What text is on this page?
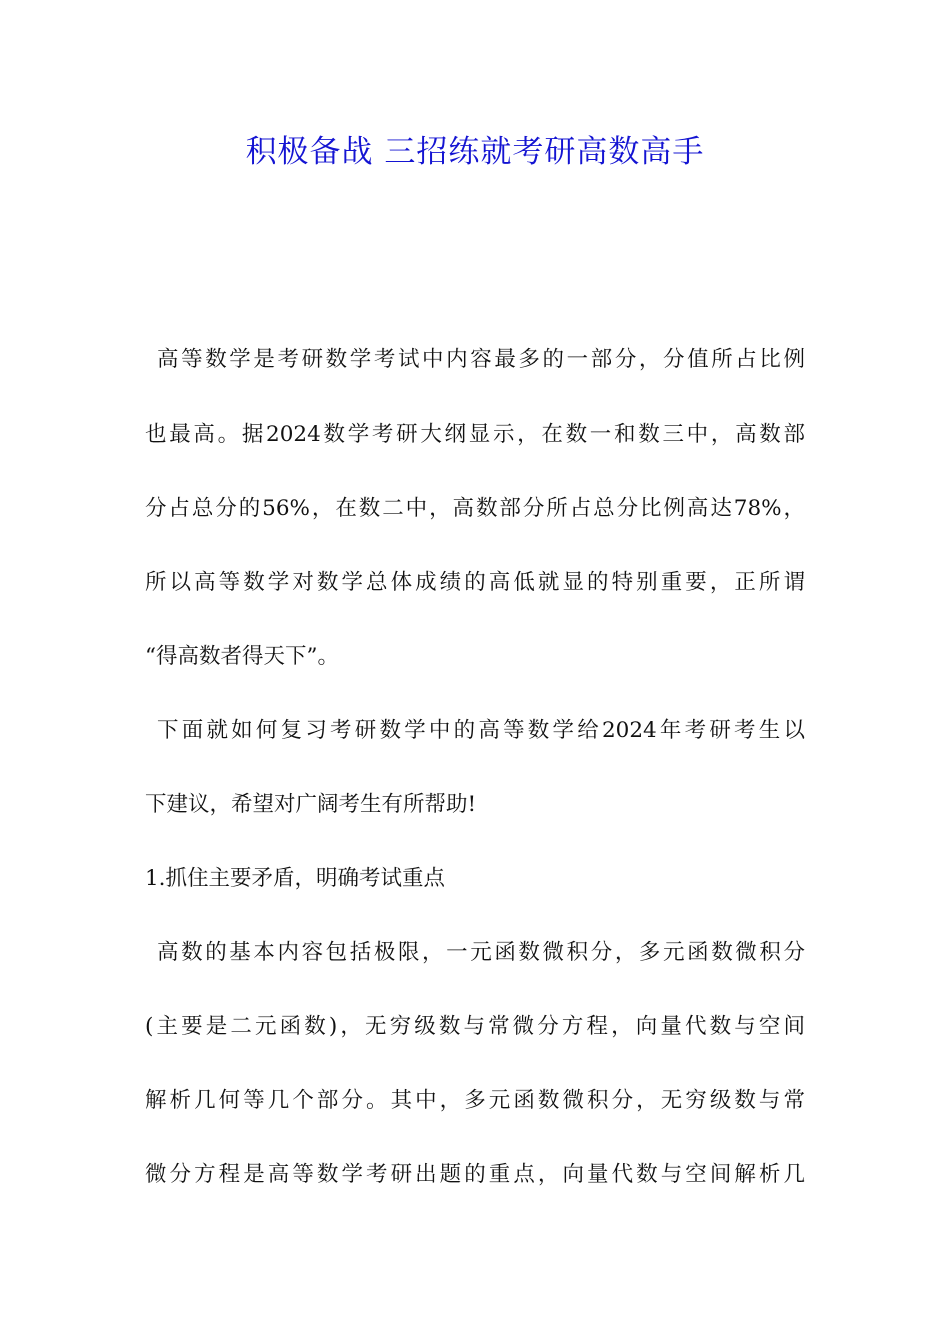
积极备战 三招练就考研高数高手
高等数学是考研数学考试中内容最多的一部分，分值所占比例
也最高。据2024数学考研大纲显示，在数一和数三中，高数部
分占总分的56%，在数二中，高数部分所占总分比例高达78%，
所以高等数学对数学总体成绩的高低就显的特别重要，正所谓
“得高数者得天下”。
下面就如何复习考研数学中的高等数学给2024年考研考生以
下建议，希望对广阔考生有所帮助!
1.抓住主要矛盾，明确考试重点
高数的基本内容包括极限，一元函数微积分，多元函数微积分
(主要是二元函数)，无穷级数与常微分方程，向量代数与空间
解析几何等几个部分。其中，多元函数微积分，无穷级数与常
微分方程是高等数学考研出题的重点，向量代数与空间解析几
